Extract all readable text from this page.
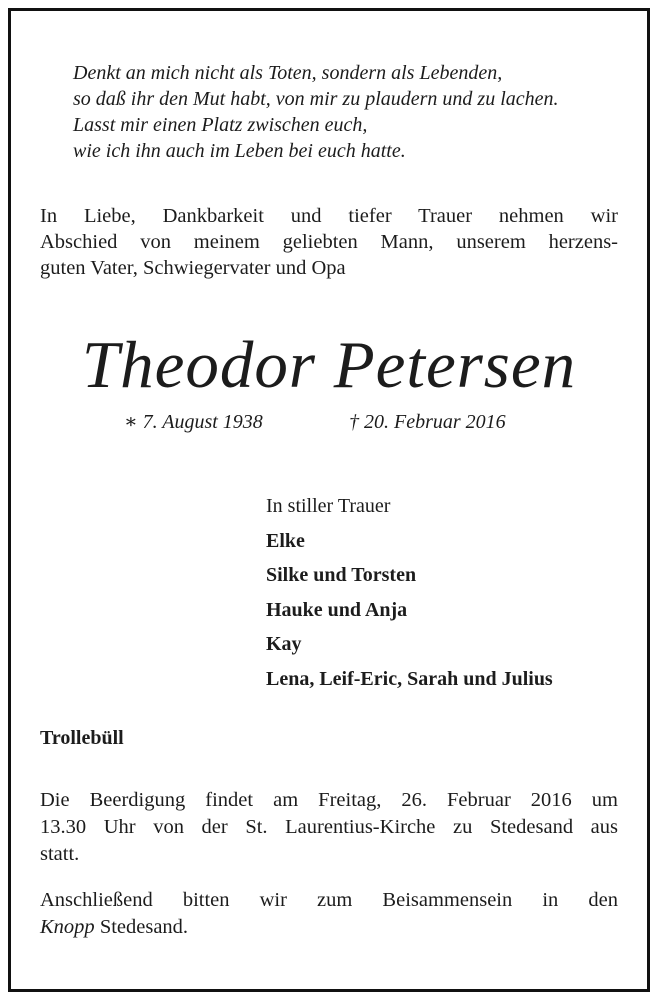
Denkt an mich nicht als Toten, sondern als Lebenden,
so daß ihr den Mut habt, von mir zu plaudern und zu lachen.
Lasst mir einen Platz zwischen euch,
wie ich ihn auch im Leben bei euch hatte.
In Liebe, Dankbarkeit und tiefer Trauer nehmen wir
Abschied von meinem geliebten Mann, unserem herzens-
guten Vater, Schwiegervater und Opa
Theodor Petersen
∗ 7. August 1938	† 20. Februar 2016
In stiller Trauer
Elke
Silke und Torsten
Hauke und Anja
Kay
Lena, Leif-Eric, Sarah und Julius
Trollebüll
Die Beerdigung findet am Freitag, 26. Februar 2016 um
13.30 Uhr von der St. Laurentius-Kirche zu Stedesand aus
statt.
Anschließend bitten wir zum Beisammensein in den
Knopp Stedesand.
